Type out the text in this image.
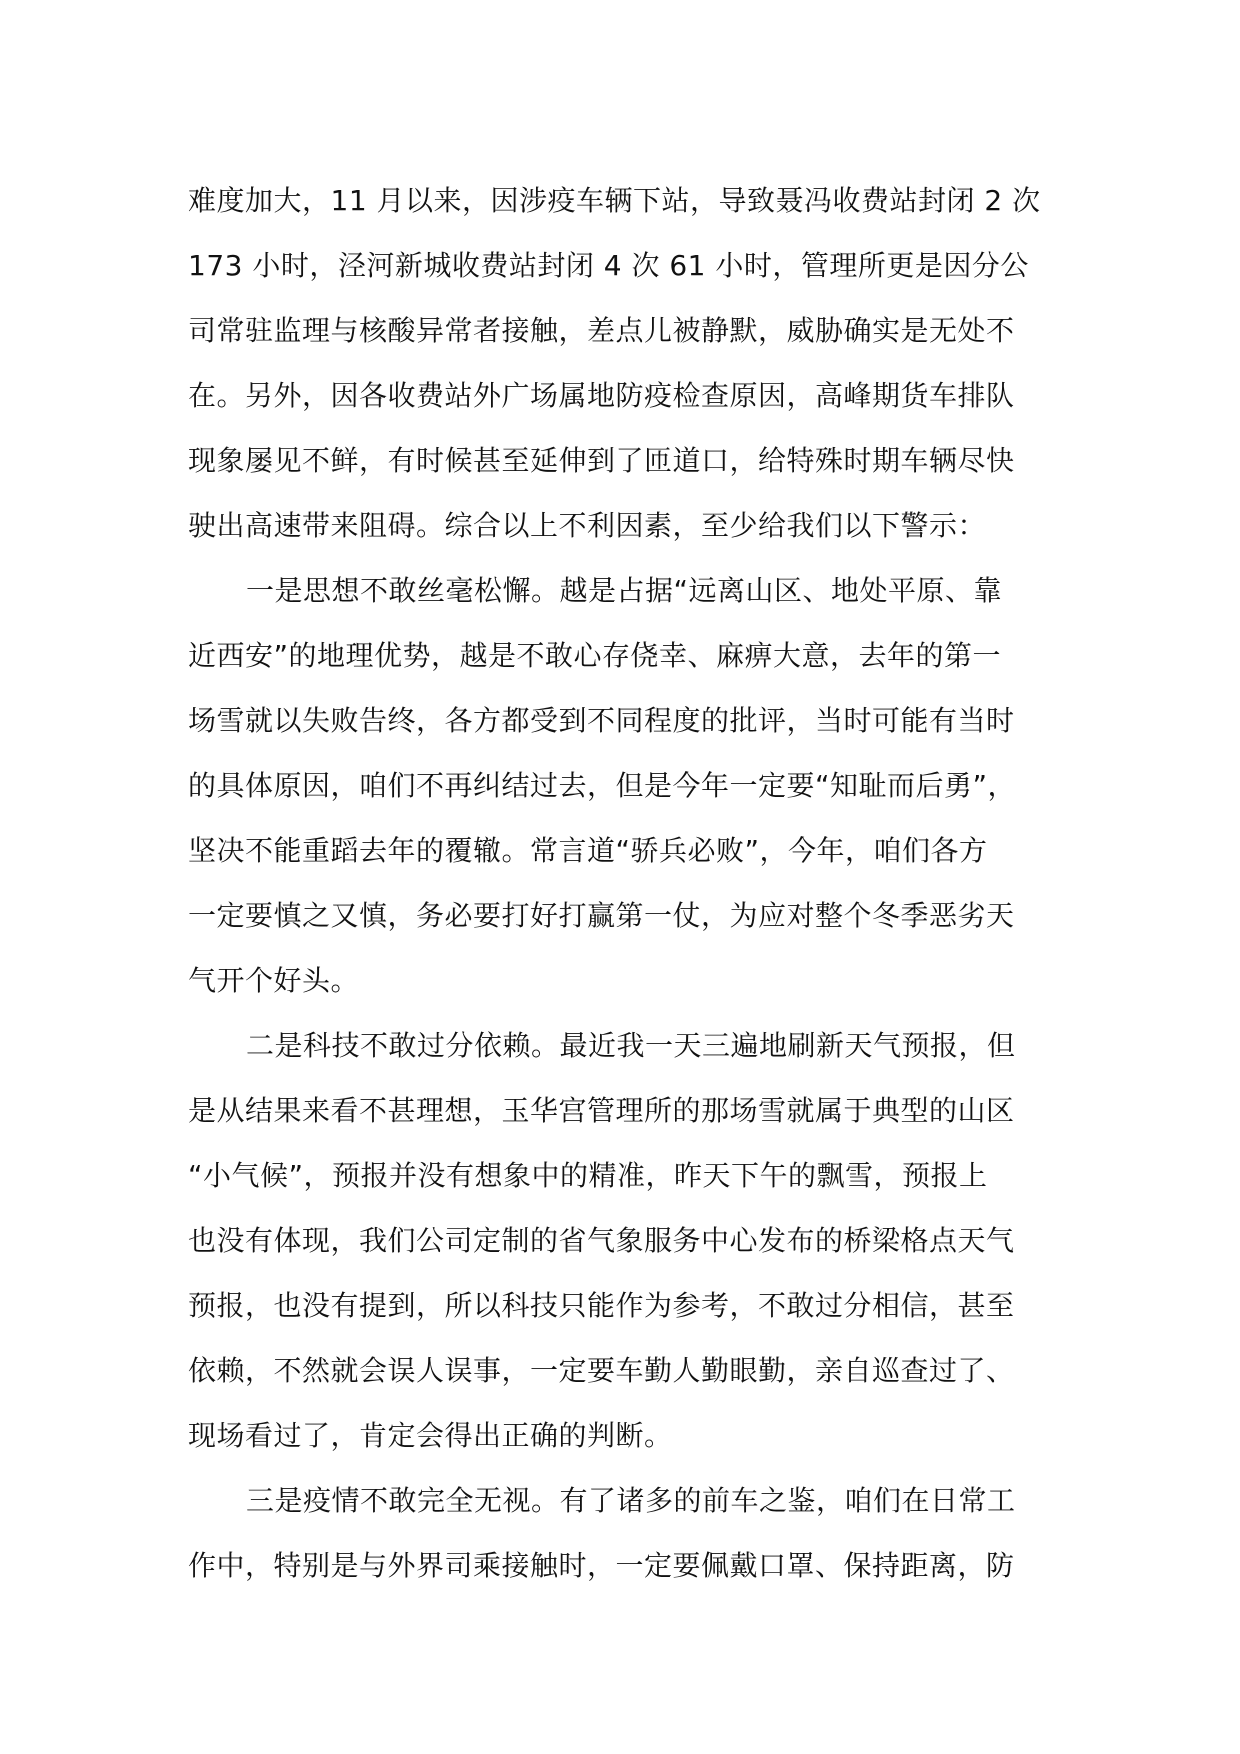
难度加大，11 月以来，因涉疫车辆下站，导致聂冯收费站封闭 2 次
173 小时，泾河新城收费站封闭 4 次 61 小时，管理所更是因分公
司常驻监理与核酸异常者接触，差点儿被静默，威胁确实是无处不
在。另外，因各收费站外广场属地防疫检查原因，高峰期货车排队
现象屡见不鲜，有时候甚至延伸到了匝道口，给特殊时期车辆尽快
驶出高速带来阻碍。综合以上不利因素，至少给我们以下警示：
一是思想不敢丝毫松懈。越是占据“远离山区、地处平原、靠
近西安”的地理优势，越是不敢心存侥幸、麻痹大意，去年的第一
场雪就以失败告终，各方都受到不同程度的批评，当时可能有当时
的具体原因，咱们不再纠结过去，但是今年一定要“知耻而后勇”，
坚决不能重蹈去年的覆辙。常言道“骄兵必败”，今年，咱们各方
一定要慎之又慎，务必要打好打赢第一仗，为应对整个冬季恶劣天
气开个好头。
二是科技不敢过分依赖。最近我一天三遍地刷新天气预报，但
是从结果来看不甚理想，玉华宫管理所的那场雪就属于典型的山区
“小气候”，预报并没有想象中的精准，昨天下午的飘雪，预报上
也没有体现，我们公司定制的省气象服务中心发布的桥梁格点天气
预报，也没有提到，所以科技只能作为参考，不敢过分相信，甚至
依赖，不然就会误人误事，一定要车勤人勤眼勤，亲自巡查过了、
现场看过了，肯定会得出正确的判断。
三是疫情不敢完全无视。有了诸多的前车之鉴，咱们在日常工
作中，特别是与外界司乘接触时，一定要佩戴口罩、保持距离，防
